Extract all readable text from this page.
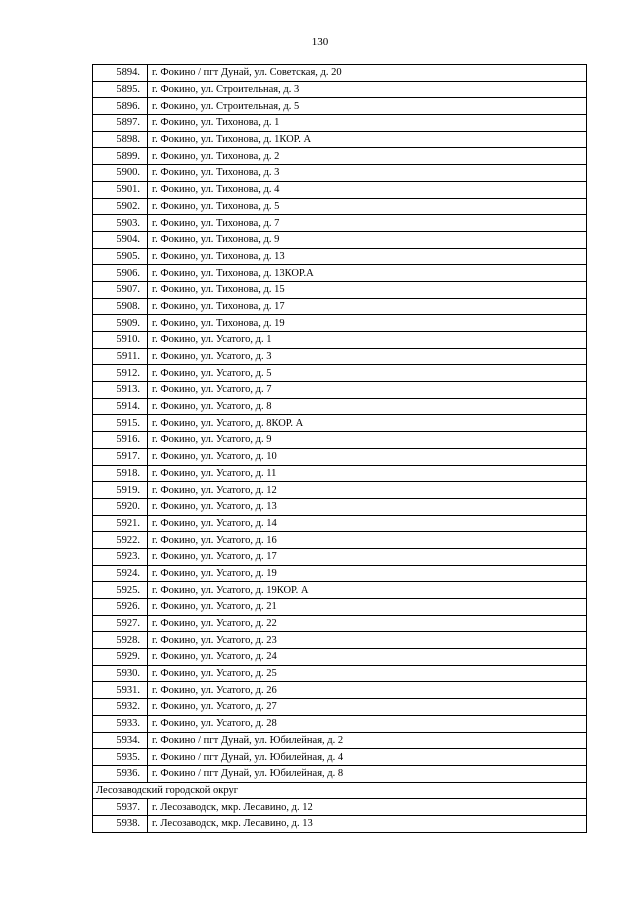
130
5894.	г. Фокино / пгт Дунай, ул. Советская, д. 20
5895.	г. Фокино, ул. Строительная, д. 3
5896.	г. Фокино, ул. Строительная, д. 5
5897.	г. Фокино, ул. Тихонова, д. 1
5898.	г. Фокино, ул. Тихонова, д. 1КОР. А
5899.	г. Фокино, ул. Тихонова, д. 2
5900.	г. Фокино, ул. Тихонова, д. 3
5901.	г. Фокино, ул. Тихонова, д. 4
5902.	г. Фокино, ул. Тихонова, д. 5
5903.	г. Фокино, ул. Тихонова, д. 7
5904.	г. Фокино, ул. Тихонова, д. 9
5905.	г. Фокино, ул. Тихонова, д. 13
5906.	г. Фокино, ул. Тихонова, д. 13КОР.А
5907.	г. Фокино, ул. Тихонова, д. 15
5908.	г. Фокино, ул. Тихонова, д. 17
5909.	г. Фокино, ул. Тихонова, д. 19
5910.	г. Фокино, ул. Усатого, д. 1
5911.	г. Фокино, ул. Усатого, д. 3
5912.	г. Фокино, ул. Усатого, д. 5
5913.	г. Фокино, ул. Усатого, д. 7
5914.	г. Фокино, ул. Усатого, д. 8
5915.	г. Фокино, ул. Усатого, д. 8КОР. А
5916.	г. Фокино, ул. Усатого, д. 9
5917.	г. Фокино, ул. Усатого, д. 10
5918.	г. Фокино, ул. Усатого, д. 11
5919.	г. Фокино, ул. Усатого, д. 12
5920.	г. Фокино, ул. Усатого, д. 13
5921.	г. Фокино, ул. Усатого, д. 14
5922.	г. Фокино, ул. Усатого, д. 16
5923.	г. Фокино, ул. Усатого, д. 17
5924.	г. Фокино, ул. Усатого, д. 19
5925.	г. Фокино, ул. Усатого, д. 19КОР. А
5926.	г. Фокино, ул. Усатого, д. 21
5927.	г. Фокино, ул. Усатого, д. 22
5928.	г. Фокино, ул. Усатого, д. 23
5929.	г. Фокино, ул. Усатого, д. 24
5930.	г. Фокино, ул. Усатого, д. 25
5931.	г. Фокино, ул. Усатого, д. 26
5932.	г. Фокино, ул. Усатого, д. 27
5933.	г. Фокино, ул. Усатого, д. 28
5934.	г. Фокино / пгт Дунай, ул. Юбилейная, д. 2
5935.	г. Фокино / пгт Дунай, ул. Юбилейная, д. 4
5936.	г. Фокино / пгт Дунай, ул. Юбилейная, д. 8
Лесозаводский городской округ	
5937.	г. Лесозаводск, мкр. Лесавино, д. 12
5938.	г. Лесозаводск, мкр. Лесавино, д. 13
